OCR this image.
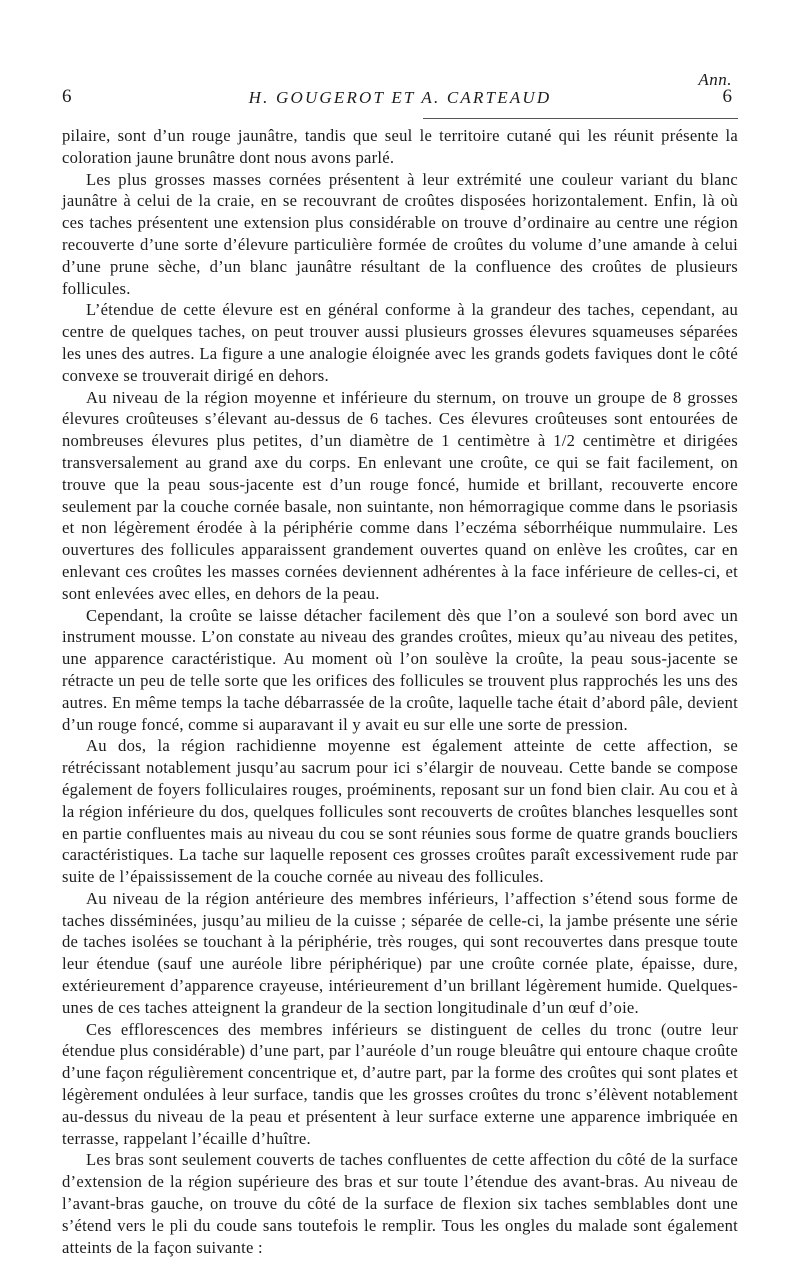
Ann.
6	H. GOUGEROT ET A. CARTEAUD	6

pilaire, sont d’un rouge jaunâtre, tandis que seul le territoire cutané qui les réunit présente la coloration jaune brunâtre dont nous avons parlé.

Les plus grosses masses cornées présentent à leur extrémité une couleur variant du blanc jaunâtre à celui de la craie, en se recouvrant de croûtes disposées horizontalement. Enfin, là où ces taches présentent une extension plus considérable on trouve d’ordinaire au centre une région recouverte d’une sorte d’élevure particulière formée de croûtes du volume d’une amande à celui d’une prune sèche, d’un blanc jaunâtre résultant de la confluence des croûtes de plusieurs follicules.

L’étendue de cette élevure est en général conforme à la grandeur des taches, cependant, au centre de quelques taches, on peut trouver aussi plusieurs grosses élevures squameuses séparées les unes des autres. La figure a une analogie éloignée avec les grands godets faviques dont le côté convexe se trouverait dirigé en dehors.

Au niveau de la région moyenne et inférieure du sternum, on trouve un groupe de 8 grosses élevures croûteuses s’élevant au-dessus de 6 taches. Ces élevures croûteuses sont entourées de nombreuses élevures plus petites, d’un diamètre de 1 centimètre à 1/2 centimètre et dirigées transversalement au grand axe du corps. En enlevant une croûte, ce qui se fait facilement, on trouve que la peau sous-jacente est d’un rouge foncé, humide et brillant, recouverte encore seulement par la couche cornée basale, non suintante, non hémorragique comme dans le psoriasis et non légèrement érodée à la périphérie comme dans l’eczéma séborrhéique nummulaire. Les ouvertures des follicules apparaissent grandement ouvertes quand on enlève les croûtes, car en enlevant ces croûtes les masses cornées deviennent adhérentes à la face inférieure de celles-ci, et sont enlevées avec elles, en dehors de la peau.

Cependant, la croûte se laisse détacher facilement dès que l’on a soulevé son bord avec un instrument mousse. L’on constate au niveau des grandes croûtes, mieux qu’au niveau des petites, une apparence caractéristique. Au moment où l’on soulève la croûte, la peau sous-jacente se rétracte un peu de telle sorte que les orifices des follicules se trouvent plus rapprochés les uns des autres. En même temps la tache débarrassée de la croûte, laquelle tache était d’abord pâle, devient d’un rouge foncé, comme si auparavant il y avait eu sur elle une sorte de pression.

Au dos, la région rachidienne moyenne est également atteinte de cette affection, se rétrécissant notablement jusqu’au sacrum pour ici s’élargir de nouveau. Cette bande se compose également de foyers folliculaires rouges, proéminents, reposant sur un fond bien clair. Au cou et à la région inférieure du dos, quelques follicules sont recouverts de croûtes blanches lesquelles sont en partie confluentes mais au niveau du cou se sont réunies sous forme de quatre grands boucliers caractéristiques. La tache sur laquelle reposent ces grosses croûtes paraît excessivement rude par suite de l’épaississement de la couche cornée au niveau des follicules.

Au niveau de la région antérieure des membres inférieurs, l’affection s’étend sous forme de taches disséminées, jusqu’au milieu de la cuisse ; séparée de celle-ci, la jambe présente une série de taches isolées se touchant à la périphérie, très rouges, qui sont recouvertes dans presque toute leur étendue (sauf une auréole libre périphérique) par une croûte cornée plate, épaisse, dure, extérieurement d’apparence crayeuse, intérieurement d’un brillant légèrement humide. Quelques-unes de ces taches atteignent la grandeur de la section longitudinale d’un œuf d’oie.

Ces efflorescences des membres inférieurs se distinguent de celles du tronc (outre leur étendue plus considérable) d’une part, par l’auréole d’un rouge bleuâtre qui entoure chaque croûte d’une façon régulièrement concentrique et, d’autre part, par la forme des croûtes qui sont plates et légèrement ondulées à leur surface, tandis que les grosses croûtes du tronc s’élèvent notablement au-dessus du niveau de la peau et présentent à leur surface externe une apparence imbriquée en terrasse, rappelant l’écaille d’huître.

Les bras sont seulement couverts de taches confluentes de cette affection du côté de la surface d’extension de la région supérieure des bras et sur toute l’étendue des avant-bras. Au niveau de l’avant-bras gauche, on trouve du côté de la surface de flexion six taches semblables dont une s’étend vers le pli du coude sans toutefois le remplir. Tous les ongles du malade sont également atteints de la façon suivante :
